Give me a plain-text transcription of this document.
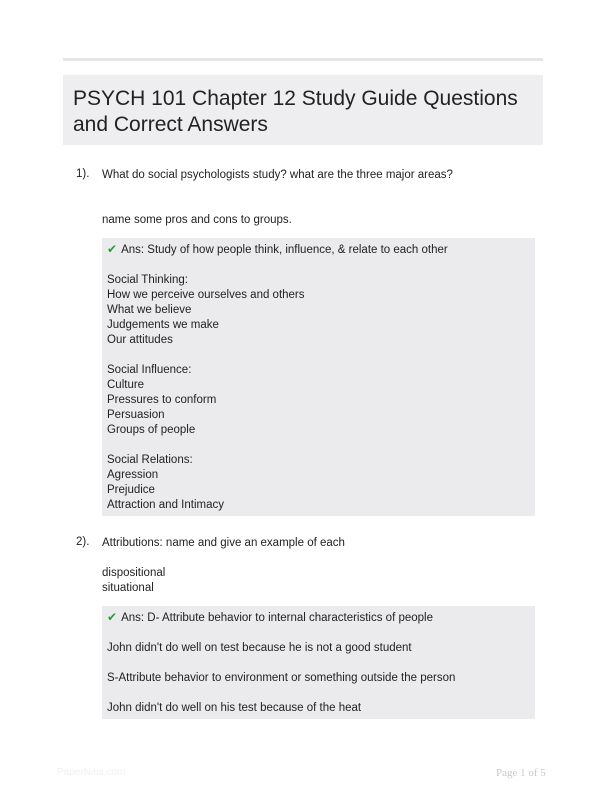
PSYCH 101 Chapter 12 Study Guide Questions
and Correct Answers
1). What do social psychologists study? what are the three major areas?
name some pros and cons to groups.
✔ Ans: Study of how people think, influence, & relate to each other
Social Thinking:
How we perceive ourselves and others
What we believe
Judgements we make
Our attitudes
Social Influence:
Culture
Pressures to conform
Persuasion
Groups of people
Social Relations:
Agression
Prejudice
Attraction and Intimacy
2). Attributions: name and give an example of each
dispositional
situational
✔ Ans: D- Attribute behavior to internal characteristics of people
John didn't do well on test because he is not a good student
S-Attribute behavior to environment or something outside the person
John didn't do well on his test because of the heat
PaperNibs.com	Page 1 of 5
